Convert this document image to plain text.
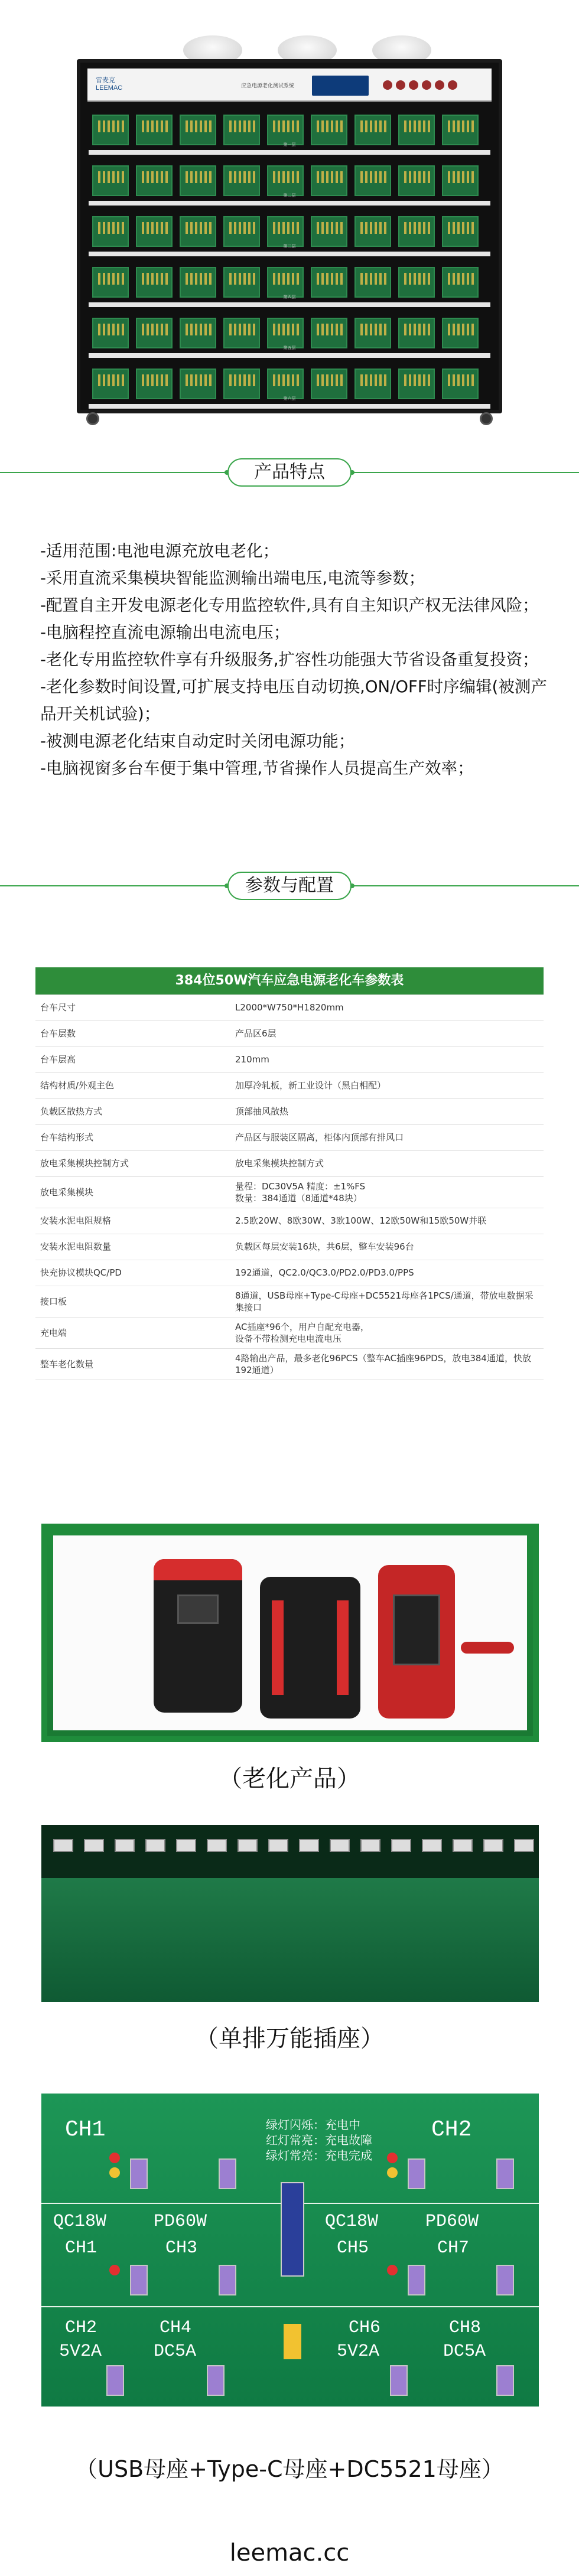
雷麦克
LEEMAC	应急电源老化测试系统
第一层
第二层
第三层
第四层
第五层
第六层
产品特点

-适用范围:电池电源充放电老化；

-采用直流采集模块智能监测输出端电压,电流等参数；

-配置自主开发电源老化专用监控软件,具有自主知识产权无法律风险；

-电脑程控直流电源输出电流电压；

-老化专用监控软件享有升级服务,扩容性功能强大节省设备重复投资；

-老化参数时间设置,可扩展支持电压自动切换,ON/OFF时序编辑(被测产品开关机试验)；

-被测电源老化结束自动定时关闭电源功能；

-电脑视窗多台车便于集中管理,节省操作人员提高生产效率；

参数与配置
384位50W汽车应急电源老化车参数表	
台车尺寸	L2000*W750*H1820mm
台车层数	产品区6层
台车层高	210mm
结构材质/外观主色	加厚冷轧板，新工业设计（黑白相配）
负载区散热方式	顶部抽风散热
台车结构形式	产品区与服装区隔离，柜体内顶部有排风口
放电采集模块控制方式	放电采集模块控制方式
放电采集模块	量程：DC30V5A 精度：±1%FS
数量：384通道（8通道*48块）
安装水泥电阻规格	2.5欧20W、8欧30W、3欧100W、12欧50W和15欧50W并联
安装水泥电阻数量	负载区每层安装16块，共6层，整车安装96台
快充协议模块QC/PD	192通道，QC2.0/QC3.0/PD2.0/PD3.0/PPS
接口板	8通道，USB母座+Type-C母座+DC5521母座各1PCS/通道，带放电数据采集接口
充电端	AC插座*96个，用户自配充电器，
设备不带检测充电电流电压
整车老化数量	4路输出产品，最多老化96PCS（整车AC插座96PDS，放电384通道，快放192通道）
（老化产品）
（单排万能插座）
CH1	CH2
绿灯闪烁：充电中
红灯常亮：充电故障
绿灯常亮：充电完成
QC18W	PD60W
CH1	CH3
QC18W	PD60W
CH5	CH7
CH2	CH4	CH6	CH8
5V2A	DC5A	5V2A	DC5A
（USB母座+Type-C母座+DC5521母座）
leemac.cc
